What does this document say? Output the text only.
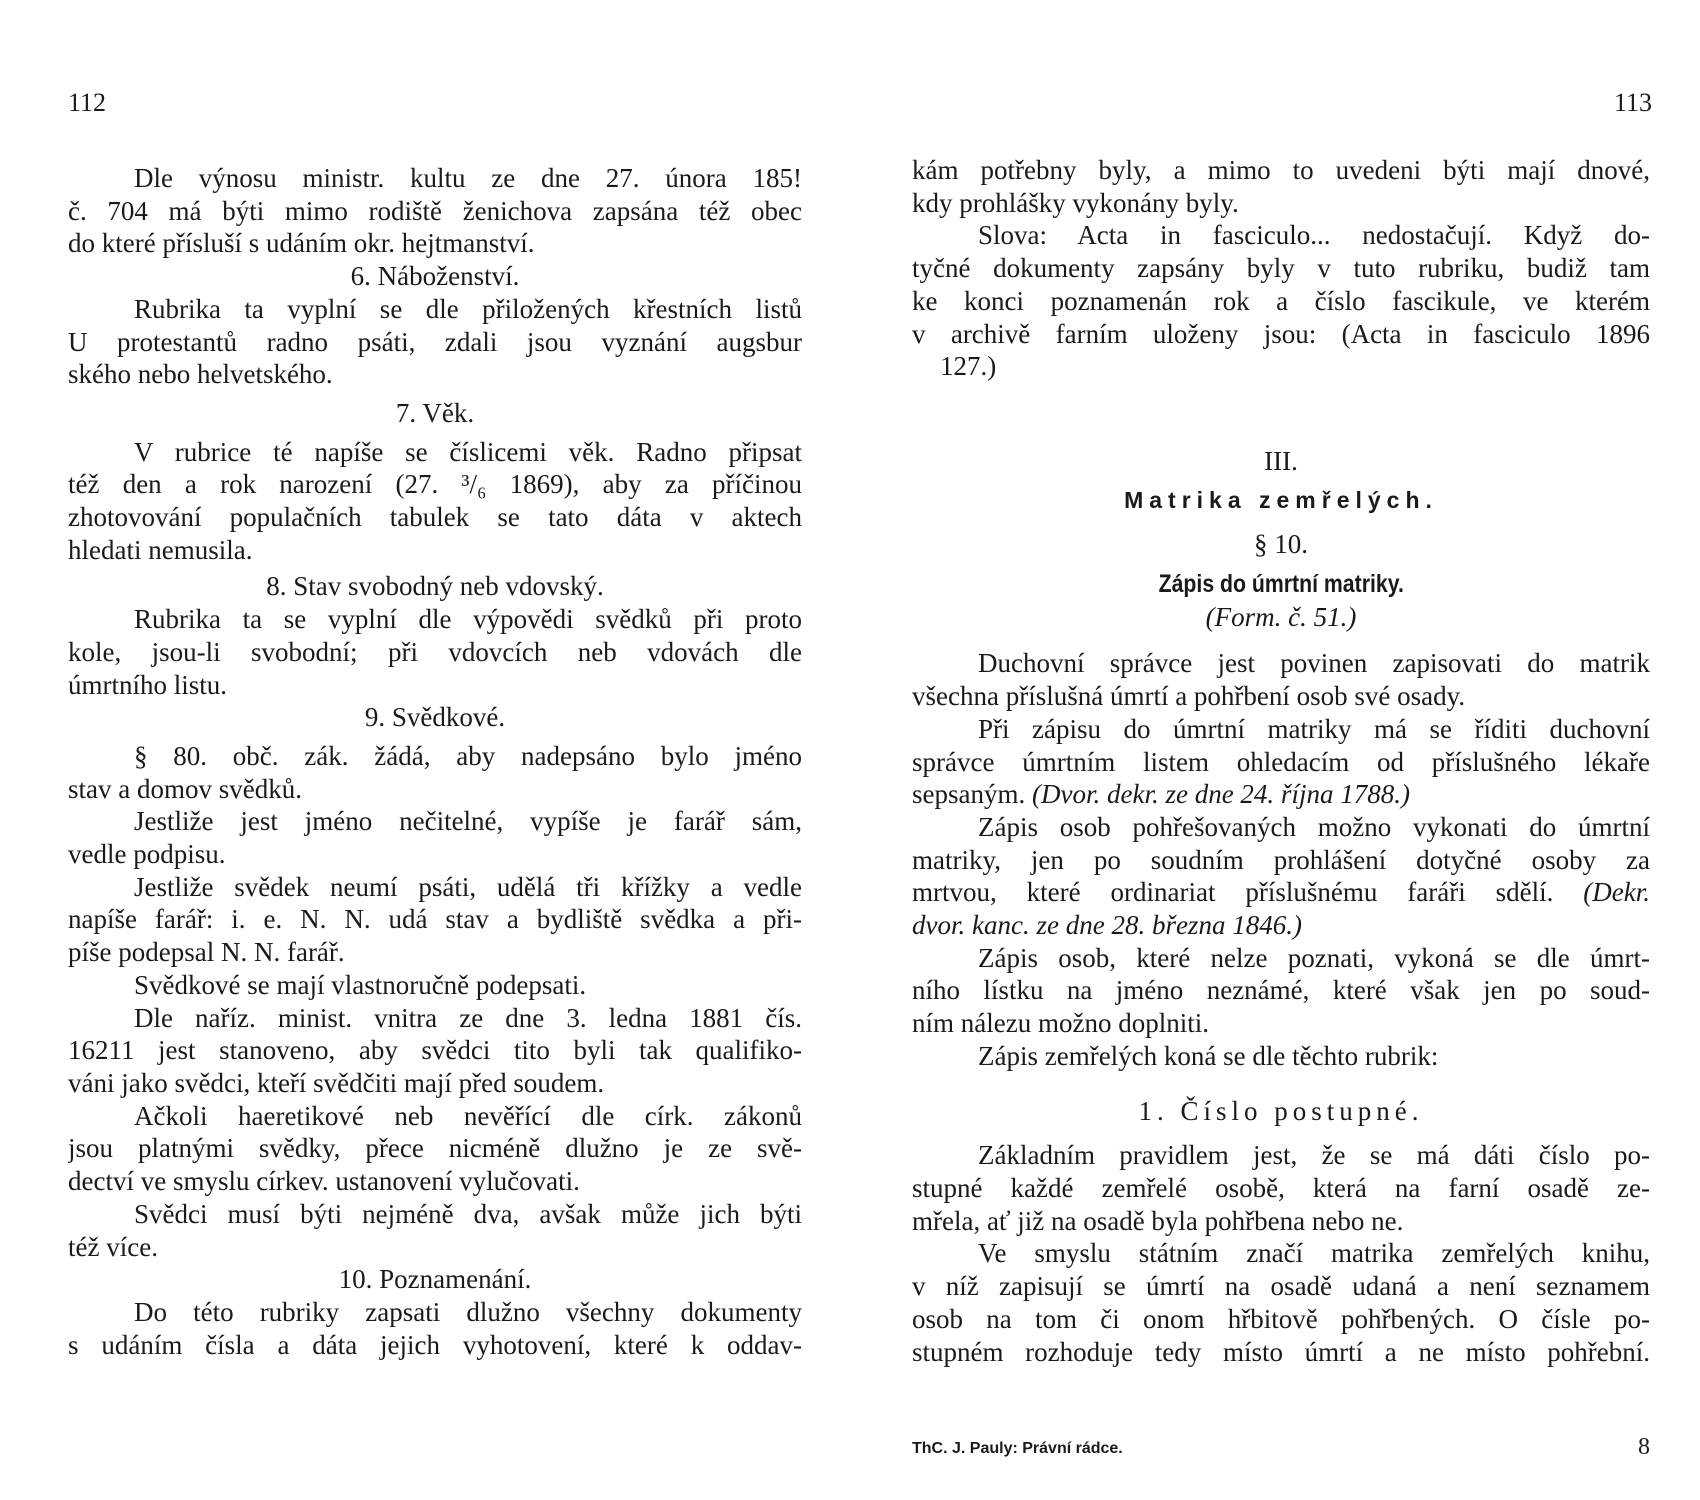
112

Dle výnosu ministr. kultu ze dne 27. února 185!

č. 704 má býti mimo rodiště ženichova zapsána též obec

do které přísluší s udáním okr. hejtmanství.

6. Náboženství.

Rubrika ta vyplní se dle přiložených křestních listů

U protestantů radno psáti, zdali jsou vyznání augsbur

ského nebo helvetského.

7. Věk.

V rubrice té napíše se číslicemi věk. Radno připsat

též den a rok narození (27. ³/₆ 1869), aby za příčinou

zhotovování populačních tabulek se tato dáta v aktech

hledati nemusila.

8. Stav svobodný neb vdovský.

Rubrika ta se vyplní dle výpovědi svědků při proto

kole, jsou-li svobodní; při vdovcích neb vdovách dle

úmrtního listu.

9. Svědkové.

§ 80. obč. zák. žádá, aby nadepsáno bylo jméno

stav a domov svědků.

Jestliže jest jméno nečitelné, vypíše je farář sám,

vedle podpisu.

Jestliže svědek neumí psáti, udělá tři křížky a vedle

napíše farář: i. e. N. N. udá stav a bydliště svědka a při-

píše podepsal N. N. farář.

Svědkové se mají vlastnoručně podepsati.

Dle naříz. minist. vnitra ze dne 3. ledna 1881 čís.

16211 jest stanoveno, aby svědci tito byli tak qualifiko-

váni jako svědci, kteří svědčiti mají před soudem.

Ačkoli haeretikové neb nevěřící dle círk. zákonů

jsou platnými svědky, přece nicméně dlužno je ze svě-

dectví ve smyslu církev. ustanovení vylučovati.

Svědci musí býti nejméně dva, avšak může jich býti

též více.

10. Poznamenání.

Do této rubriky zapsati dlužno všechny dokumenty

s udáním čísla a dáta jejich vyhotovení, které k oddav-

113

kám potřebny byly, a mimo to uvedeni býti mají dnové,

kdy prohlášky vykonány byly.

Slova: Acta in fasciculo... nedostačují. Když do-

tyčné dokumenty zapsány byly v tuto rubriku, budiž tam

ke konci poznamenán rok a číslo fascikule, ve kterém

v archivě farním uloženy jsou: (Acta in fasciculo 1896

127.)

III.

Matrika zemřelých.

§ 10.

Zápis do úmrtní matriky.

(Form. č. 51.)

Duchovní správce jest povinen zapisovati do matrik

všechna příslušná úmrtí a pohřbení osob své osady.

Při zápisu do úmrtní matriky má se říditi duchovní

správce úmrtním listem ohledacím od příslušného lékaře

sepsaným. (Dvor. dekr. ze dne 24. října 1788.)

Zápis osob pohřešovaných možno vykonati do úmrtní

matriky, jen po soudním prohlášení dotyčné osoby za

mrtvou, které ordinariat příslušnému faráři sdělí. (Dekr.

dvor. kanc. ze dne 28. března 1846.)

Zápis osob, které nelze poznati, vykoná se dle úmrt-

ního lístku na jméno neznámé, které však jen po soud-

ním nálezu možno doplniti.

Zápis zemřelých koná se dle těchto rubrik:

1. Číslo postupné.

Základním pravidlem jest, že se má dáti číslo po-

stupné každé zemřelé osobě, která na farní osadě ze-

mřela, ať již na osadě byla pohřbena nebo ne.

Ve smyslu státním značí matrika zemřelých knihu,

v níž zapisují se úmrtí na osadě udaná a není seznamem

osob na tom či onom hřbitově pohřbených. O čísle po-

stupném rozhoduje tedy místo úmrtí a ne místo pohřební.

ThC. J. Pauly: Právní rádce.	8
